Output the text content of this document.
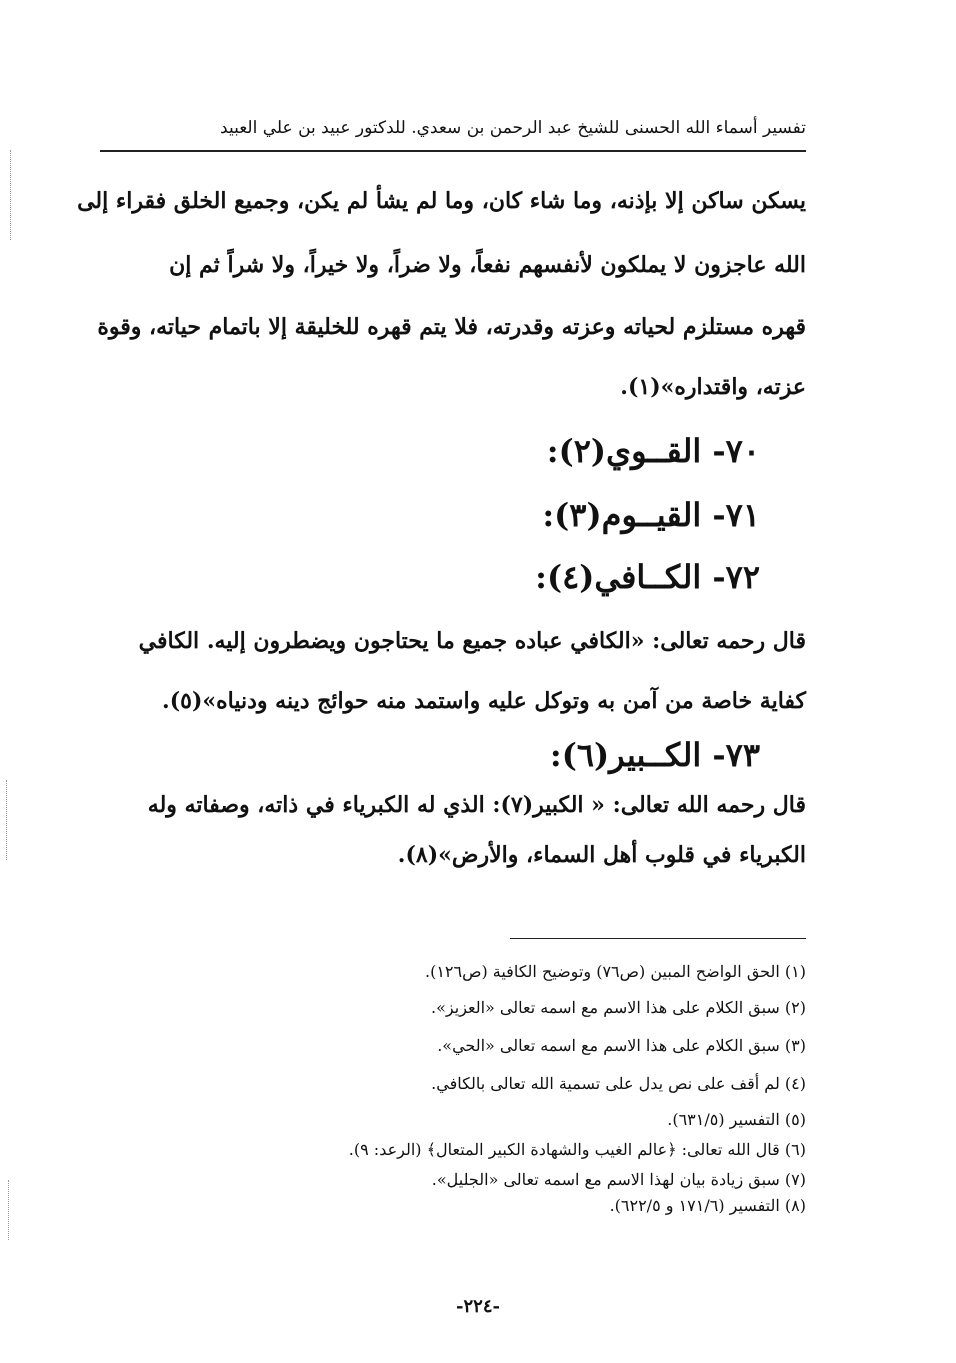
تفسير أسماء الله الحسنى للشيخ عبد الرحمن بن سعدي. للدكتور عبيد بن علي العبيد
يسكن ساكن إلا بإذنه، وما شاء كان، وما لم يشأ لم يكن، وجميع الخلق فقراء إلى
الله عاجزون لا يملكون لأنفسهم نفعاً، ولا ضراً، ولا خيراً، ولا شراً ثم إن
قهره مستلزم لحياته وعزته وقدرته، فلا يتم قهره للخليقة إلا باتمام حياته، وقوة
عزته، واقتداره»(١).
٧٠- القــوي(٢):
٧١- القيــوم(٣):
٧٢- الكــافي(٤):
قال رحمه تعالى: «الكافي عباده جميع ما يحتاجون ويضطرون إليه. الكافي
كفاية خاصة من آمن به وتوكل عليه واستمد منه حوائج دينه ودنياه»(٥).
٧٣- الكــبير(٦):
قال رحمه الله تعالى: « الكبير(٧): الذي له الكبرياء في ذاته، وصفاته وله
الكبرياء في قلوب أهل السماء، والأرض»(٨).
(١) الحق الواضح المبين (ص٧٦) وتوضيح الكافية (ص١٢٦).
(٢) سبق الكلام على هذا الاسم مع اسمه تعالى «العزيز».
(٣) سبق الكلام على هذا الاسم مع اسمه تعالى «الحي».
(٤) لم أقف على نص يدل على تسمية الله تعالى بالكافي.
(٥) التفسير (٦٣١/٥).
(٦) قال الله تعالى: ﴿عالم الغيب والشهادة الكبير المتعال﴾ (الرعد: ٩).
(٧) سبق زيادة بيان لهذا الاسم مع اسمه تعالى «الجليل».
(٨) التفسير (١٧١/٦ و ٦٢٢/٥).
-٢٢٤-
